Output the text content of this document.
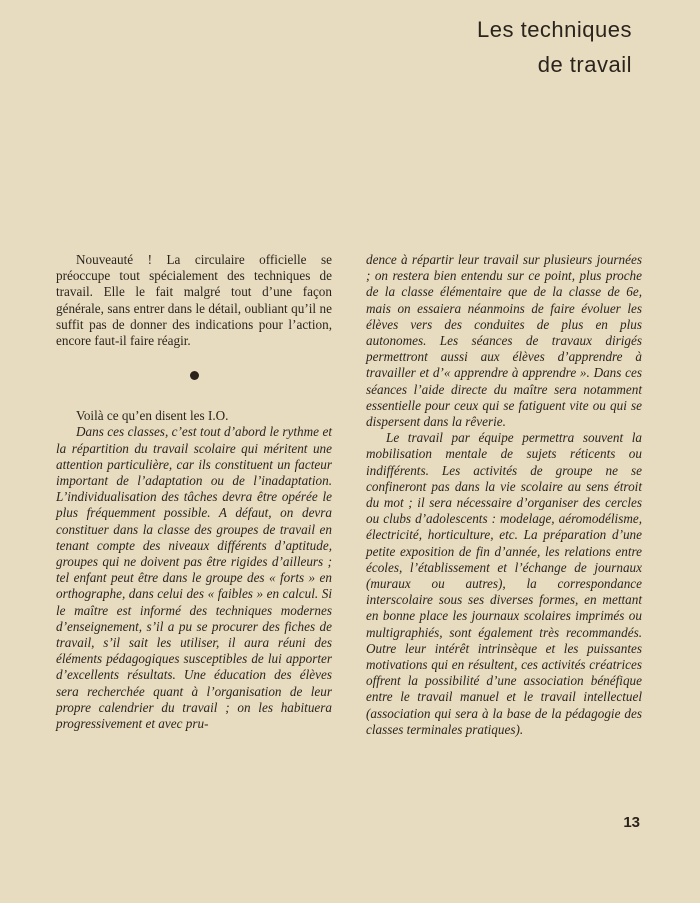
Les techniques
de travail

Nouveauté ! La circulaire officielle se préoccupe tout spécialement des techniques de travail. Elle le fait malgré tout d’une façon générale, sans entrer dans le détail, oubliant qu’il ne suffit pas de donner des indications pour l’action, encore faut-il faire réagir.

Voilà ce qu’en disent les I.O.

Dans ces classes, c’est tout d’abord le rythme et la répartition du travail scolaire qui méritent une attention particulière, car ils constituent un facteur important de l’adaptation ou de l’inadaptation. L’individualisation des tâches devra être opérée le plus fréquemment possible. A défaut, on devra constituer dans la classe des groupes de travail en tenant compte des niveaux différents d’aptitude, groupes qui ne doivent pas être rigides d’ailleurs ; tel enfant peut être dans le groupe des « forts » en orthographe, dans celui des « faibles » en calcul. Si le maître est informé des techniques modernes d’enseignement, s’il a pu se procurer des fiches de travail, s’il sait les utiliser, il aura réuni des éléments pédagogiques susceptibles de lui apporter d’excellents résultats. Une éducation des élèves sera recherchée quant à l’organisation de leur propre calendrier du travail ; on les habituera progressivement et avec pru-

dence à répartir leur travail sur plusieurs journées ; on restera bien entendu sur ce point, plus proche de la classe élémentaire que de la classe de 6e, mais on essaiera néanmoins de faire évoluer les élèves vers des conduites de plus en plus autonomes. Les séances de travaux dirigés permettront aussi aux élèves d’apprendre à travailler et d’« apprendre à apprendre ». Dans ces séances l’aide directe du maître sera notamment essentielle pour ceux qui se fatiguent vite ou qui se dispersent dans la rêverie.

Le travail par équipe permettra souvent la mobilisation mentale de sujets réticents ou indifférents. Les activités de groupe ne se confineront pas dans la vie scolaire au sens étroit du mot ; il sera nécessaire d’organiser des cercles ou clubs d’adolescents : modelage, aéromodélisme, électricité, horticulture, etc. La préparation d’une petite exposition de fin d’année, les relations entre écoles, l’établissement et l’échange de journaux (muraux ou autres), la correspondance interscolaire sous ses diverses formes, en mettant en bonne place les journaux scolaires imprimés ou multigraphiés, sont également très recommandés. Outre leur intérêt intrinsèque et les puissantes motivations qui en résultent, ces activités créatrices offrent la possibilité d’une association bénéfique entre le travail manuel et le travail intellectuel (association qui sera à la base de la pédagogie des classes terminales pratiques).

13
